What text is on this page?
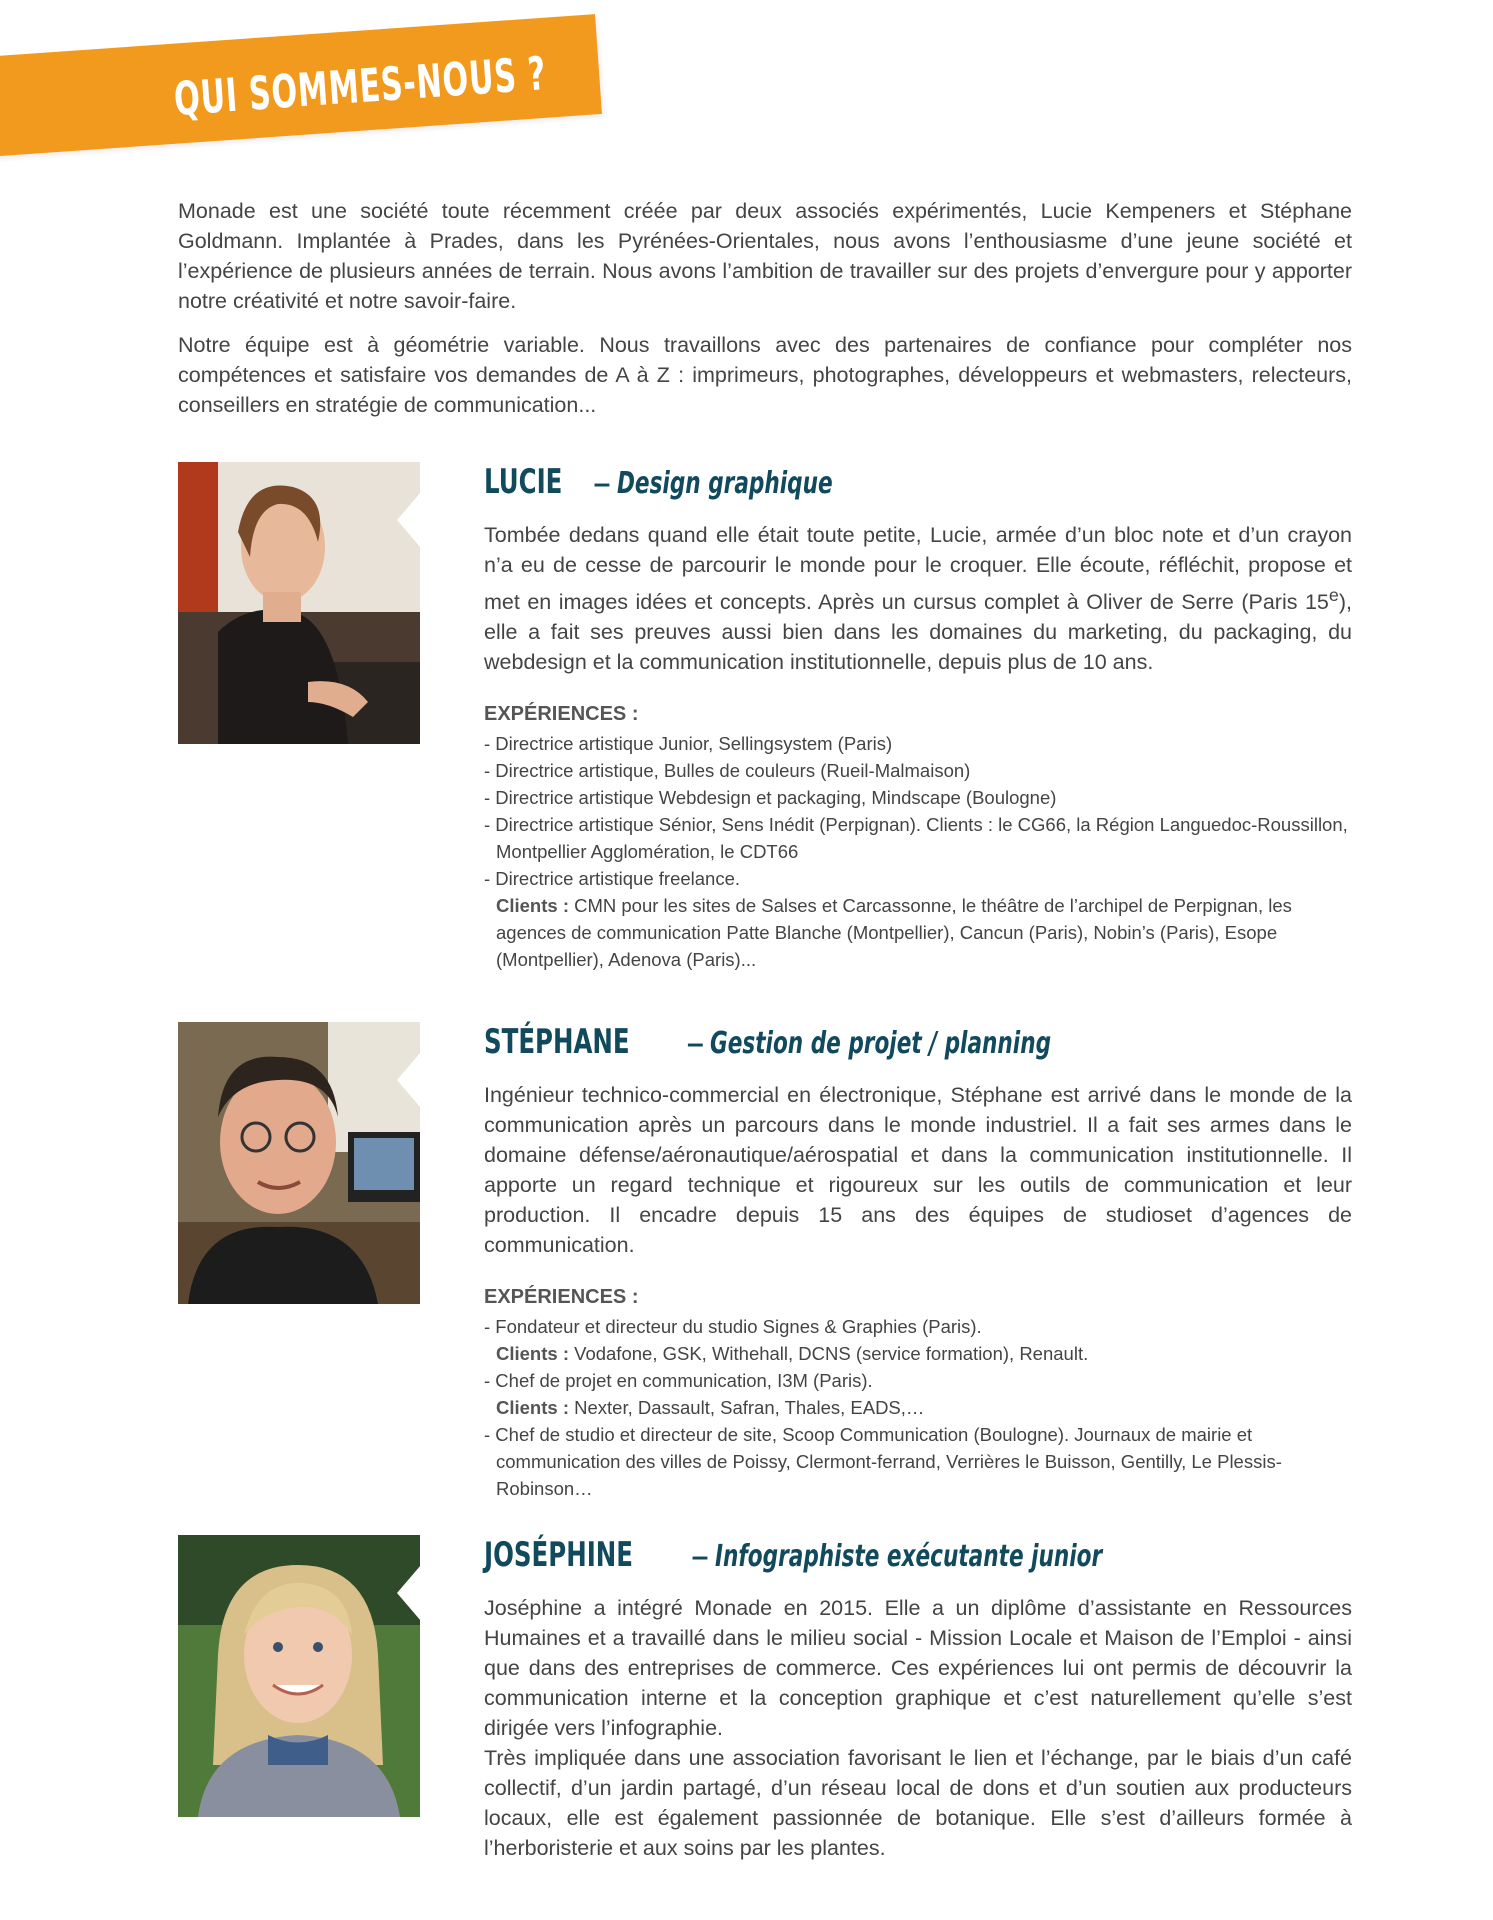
QUI SOMMES-NOUS ?

Monade est une société toute récemment créée par deux associés expérimentés, Lucie Kempeners et Stéphane Goldmann. Implantée à Prades, dans les Pyrénées-Orientales, nous avons l’enthousiasme d’une jeune société et l’expérience de plusieurs années de terrain. Nous avons l’ambition de travailler sur des projets d’envergure pour y apporter notre créativité et notre savoir-faire.

Notre équipe est à géométrie variable. Nous travaillons avec des partenaires de confiance pour compléter nos compétences et satisfaire vos demandes de A à Z : imprimeurs, photographes, développeurs et webmasters, relecteurs, conseillers en stratégie de communication...

LUCIE – Design graphique

Tombée dedans quand elle était toute petite, Lucie, armée d’un bloc note et d’un crayon n’a eu de cesse de parcourir le monde pour le croquer. Elle écoute, réfléchit, propose et met en images idées et concepts. Après un cursus complet à Oliver de Serre (Paris 15e), elle a fait ses preuves aussi bien dans les domaines du marketing, du packaging, du webdesign et la communication institutionnelle, depuis plus de 10 ans.

EXPÉRIENCES :
- Directrice artistique Junior, Sellingsystem (Paris)
- Directrice artistique, Bulles de couleurs (Rueil-Malmaison)
- Directrice artistique Webdesign et packaging, Mindscape (Boulogne)
- Directrice artistique Sénior, Sens Inédit (Perpignan). Clients : le CG66, la Région Languedoc-Roussillon, Montpellier Agglomération, le CDT66
- Directrice artistique freelance.
Clients : CMN pour les sites de Salses et Carcassonne, le théâtre de l’archipel de Perpignan, les agences de communication Patte Blanche (Montpellier), Cancun (Paris), Nobin’s (Paris), Esope (Montpellier), Adenova (Paris)...
STÉPHANE – Gestion de projet / planning

Ingénieur technico-commercial en électronique, Stéphane est arrivé dans le monde de la communication après un parcours dans le monde industriel. Il a fait ses armes dans le domaine défense/aéronautique/aérospatial et dans la communication institutionnelle. Il apporte un regard technique et rigoureux sur les outils de communication et leur production. Il encadre depuis 15 ans des équipes de studioset d’agences de communication.

EXPÉRIENCES :
- Fondateur et directeur du studio Signes & Graphies (Paris).
Clients : Vodafone, GSK, Withehall, DCNS (service formation), Renault.
- Chef de projet en communication, I3M (Paris).
Clients : Nexter, Dassault, Safran, Thales, EADS,…
- Chef de studio et directeur de site, Scoop Communication (Boulogne). Journaux de mairie et communication des villes de Poissy, Clermont-ferrand, Verrières le Buisson, Gentilly, Le Plessis-Robinson…
JOSÉPHINE – Infographiste exécutante junior

Joséphine a intégré Monade en 2015. Elle a un diplôme d’assistante en Ressources Humaines et a travaillé dans le milieu social - Mission Locale et Maison de l’Emploi - ainsi que dans des entreprises de commerce. Ces expériences lui ont permis de découvrir la communication interne et la conception graphique et c’est naturellement qu’elle s’est dirigée vers l’infographie.

Très impliquée dans une association favorisant le lien et l’échange, par le biais d’un café collectif, d’un jardin partagé, d’un réseau local de dons et d’un soutien aux producteurs locaux, elle est également passionnée de botanique. Elle s’est d’ailleurs formée à l’herboristerie et aux soins par les plantes.
